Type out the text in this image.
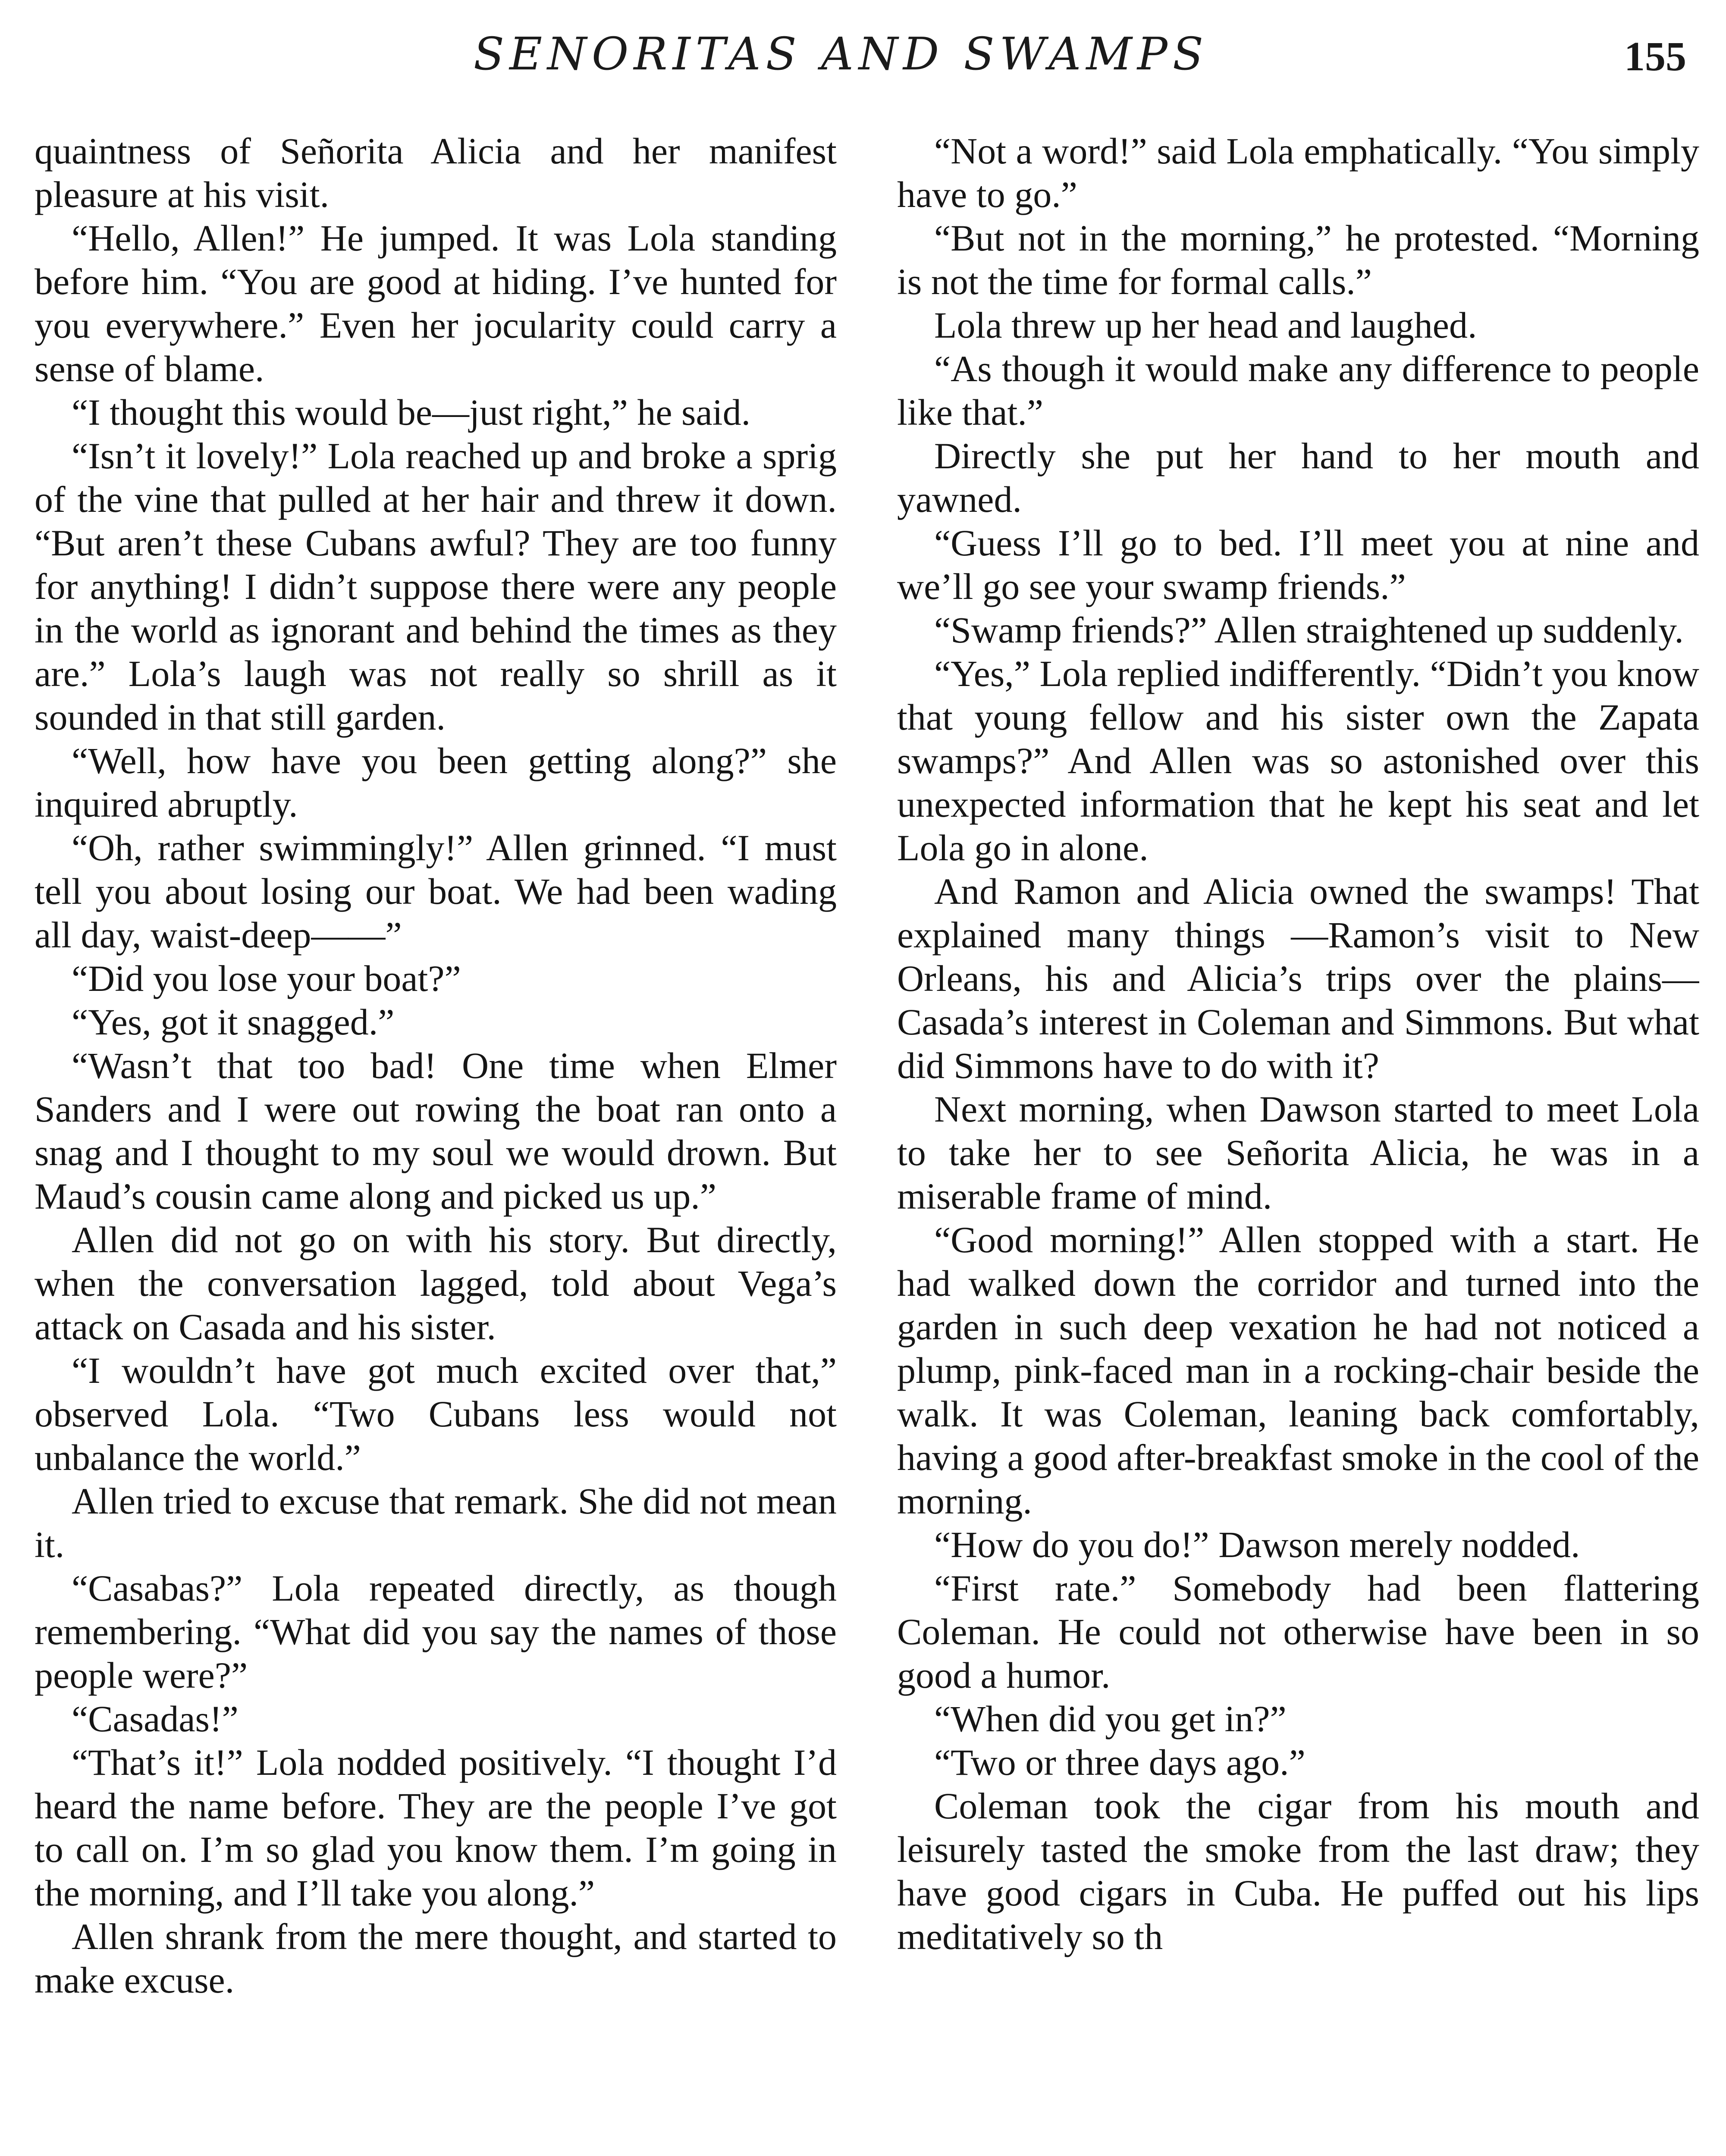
SENORITAS AND SWAMPS	155

quaintness of Señorita Alicia and her manifest pleasure at his visit.

“Hello, Allen!” He jumped. It was Lola standing before him. “You are good at hiding. I’ve hunted for you everywhere.” Even her jocularity could carry a sense of blame.

“I thought this would be—just right,” he said.

“Isn’t it lovely!” Lola reached up and broke a sprig of the vine that pulled at her hair and threw it down. “But aren’t these Cubans awful? They are too funny for anything! I didn’t suppose there were any people in the world as ignorant and behind the times as they are.” Lola’s laugh was not really so shrill as it sounded in that still garden.

“Well, how have you been getting along?” she inquired abruptly.

“Oh, rather swimmingly!” Allen grinned. “I must tell you about losing our boat. We had been wading all day, waist-deep——”

“Did you lose your boat?”

“Yes, got it snagged.”

“Wasn’t that too bad! One time when Elmer Sanders and I were out rowing the boat ran onto a snag and I thought to my soul we would drown. But Maud’s cousin came along and picked us up.”

Allen did not go on with his story. But directly, when the conversation lagged, told about Vega’s attack on Casada and his sister.

“I wouldn’t have got much excited over that,” observed Lola. “Two Cubans less would not unbalance the world.”

Allen tried to excuse that remark. She did not mean it.

“Casabas?” Lola repeated directly, as though remembering. “What did you say the names of those people were?”

“Casadas!”

“That’s it!” Lola nodded positively. “I thought I’d heard the name before. They are the people I’ve got to call on. I’m so glad you know them. I’m going in the morning, and I’ll take you along.”

Allen shrank from the mere thought, and started to make excuse.

“Not a word!” said Lola emphatically. “You simply have to go.”

“But not in the morning,” he protested. “Morning is not the time for formal calls.”

Lola threw up her head and laughed.

“As though it would make any difference to people like that.”

Directly she put her hand to her mouth and yawned.

“Guess I’ll go to bed. I’ll meet you at nine and we’ll go see your swamp friends.”

“Swamp friends?” Allen straightened up suddenly.

“Yes,” Lola replied indifferently. “Didn’t you know that young fellow and his sister own the Zapata swamps?” And Allen was so astonished over this unexpected information that he kept his seat and let Lola go in alone.

And Ramon and Alicia owned the swamps! That explained many things —Ramon’s visit to New Orleans, his and Alicia’s trips over the plains— Casada’s interest in Coleman and Simmons. But what did Simmons have to do with it?

Next morning, when Dawson started to meet Lola to take her to see Señorita Alicia, he was in a miserable frame of mind.

“Good morning!” Allen stopped with a start. He had walked down the corridor and turned into the garden in such deep vexation he had not noticed a plump, pink-faced man in a rocking-chair beside the walk. It was Coleman, leaning back comfortably, having a good after-breakfast smoke in the cool of the morning.

“How do you do!” Dawson merely nodded.

“First rate.” Somebody had been flattering Coleman. He could not otherwise have been in so good a humor.

“When did you get in?”

“Two or three days ago.”

Coleman took the cigar from his mouth and leisurely tasted the smoke from the last draw; they have good cigars in Cuba. He puffed out his lips meditatively so th
